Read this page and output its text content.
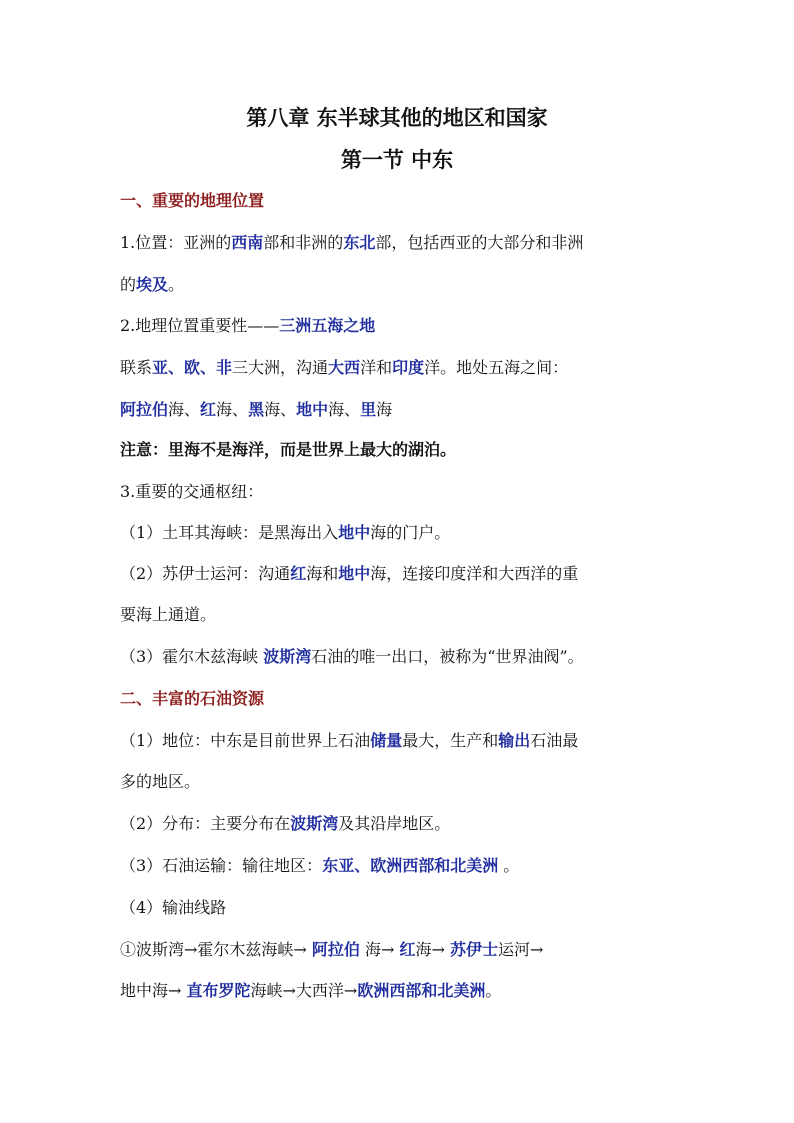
第八章 东半球其他的地区和国家
第一节 中东
一、重要的地理位置
1.位置：亚洲的西南部和非洲的东北部，包括西亚的大部分和非洲
的埃及。
2.地理位置重要性——三洲五海之地
联系亚、欧、非三大洲，沟通大西洋和印度洋。地处五海之间：
阿拉伯海、红海、黑海、地中海、里海
注意：里海不是海洋，而是世界上最大的湖泊。
3.重要的交通枢纽：
（1）土耳其海峡：是黑海出入地中海的门户。
（2）苏伊士运河：沟通红海和地中海，连接印度洋和大西洋的重
要海上通道。
（3）霍尔木兹海峡 波斯湾石油的唯一出口，被称为“世界油阀”。
二、丰富的石油资源
（1）地位：中东是目前世界上石油储量最大，生产和输出石油最
多的地区。
（2）分布：主要分布在波斯湾及其沿岸地区。
（3）石油运输：输往地区：东亚、欧洲西部和北美洲 。
（4）输油线路
①波斯湾→霍尔木兹海峡→ 阿拉伯 海→ 红海→ 苏伊士运河→
地中海→ 直布罗陀海峡→大西洋→欧洲西部和北美洲。
